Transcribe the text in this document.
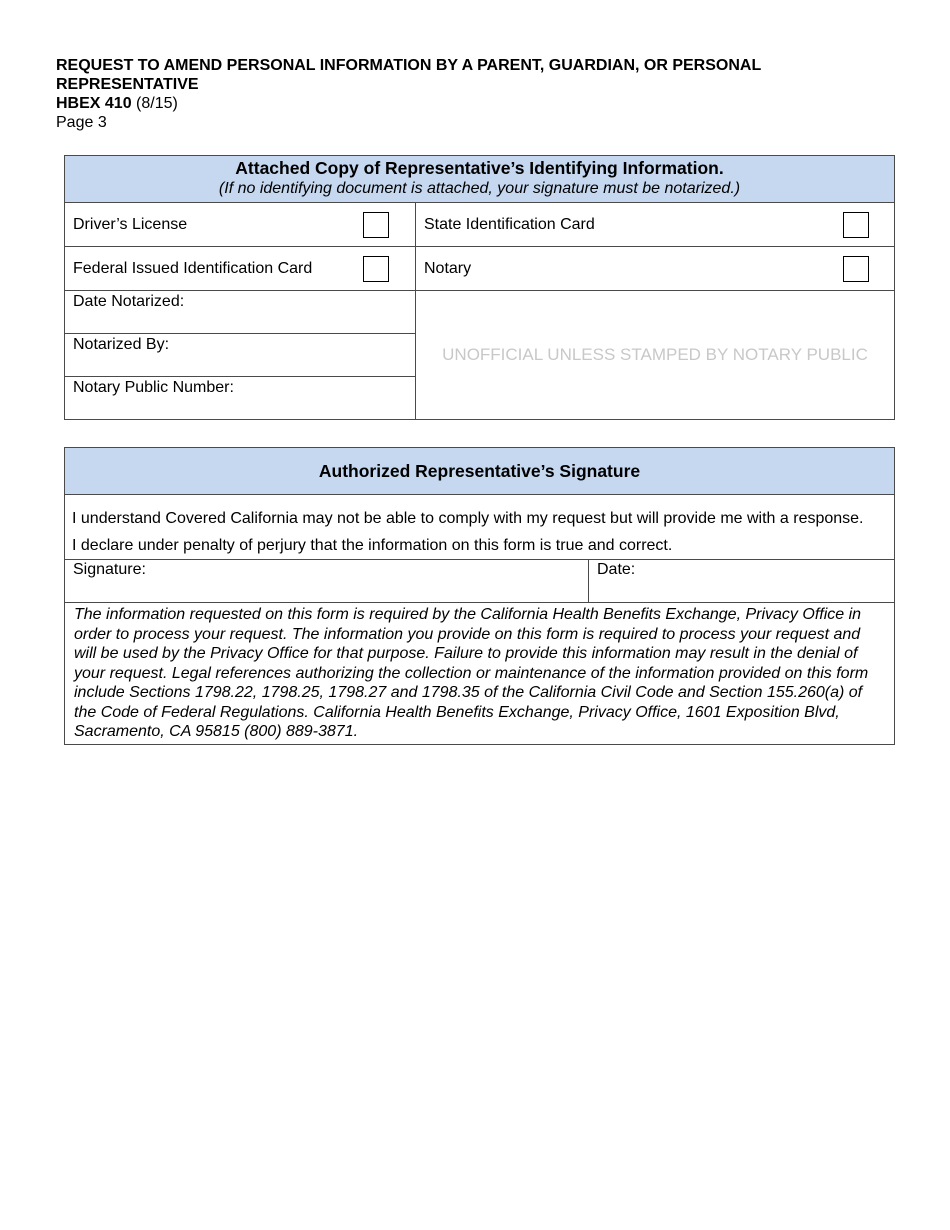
REQUEST TO AMEND PERSONAL INFORMATION BY A PARENT, GUARDIAN, OR PERSONAL REPRESENTATIVE
HBEX 410 (8/15)
Page 3
Attached Copy of Representative’s Identifying Information.
(If no identifying document is attached, your signature must be notarized.)	

Driver’s License	State Identification Card

Federal Issued Identification Card	Notary

Date Notarized:	UNOFFICIAL UNLESS STAMPED BY NOTARY PUBLIC
Notarized By:	
Notary Public Number:	
Authorized Representative’s Signature

I understand Covered California may not be able to comply with my request but will provide me with a response.

I declare under penalty of perjury that the information on this form is true and correct.

Signature:	Date:
The information requested on this form is required by the California Health Benefits Exchange, Privacy Office in order to process your request. The information you provide on this form is required to process your request and will be used by the Privacy Office for that purpose. Failure to provide this information may result in the denial of your request. Legal references authorizing the collection or maintenance of the information provided on this form include Sections 1798.22, 1798.25, 1798.27 and 1798.35 of the California Civil Code and Section 155.260(a) of the Code of Federal Regulations. California Health Benefits Exchange, Privacy Office, 1601 Exposition Blvd, Sacramento, CA 95815 (800) 889-3871.
